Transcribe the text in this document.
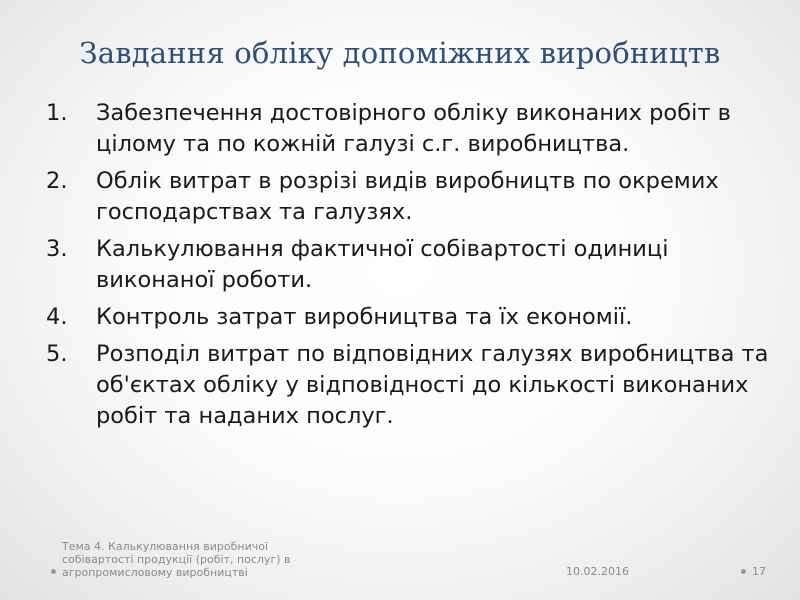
Завдання обліку допоміжних виробництв
1. Забезпечення достовірного обліку виконаних робіт в цілому та по кожній галузі с.г. виробництва.
2. Облік витрат в розрізі видів виробництв по окремих господарствах та галузях.
3. Калькулювання фактичної собівартості одиниці виконаної роботи.
4. Контроль затрат виробництва та їх економії.
5. Розподіл витрат по відповідних галузях виробництва та об'єктах обліку у відповідності до кількості виконаних робіт та наданих послуг.
Тема 4. Калькулювання виробничої собівартості продукції (робіт, послуг) в агропромисловому виробництві	10.02.2016	17
